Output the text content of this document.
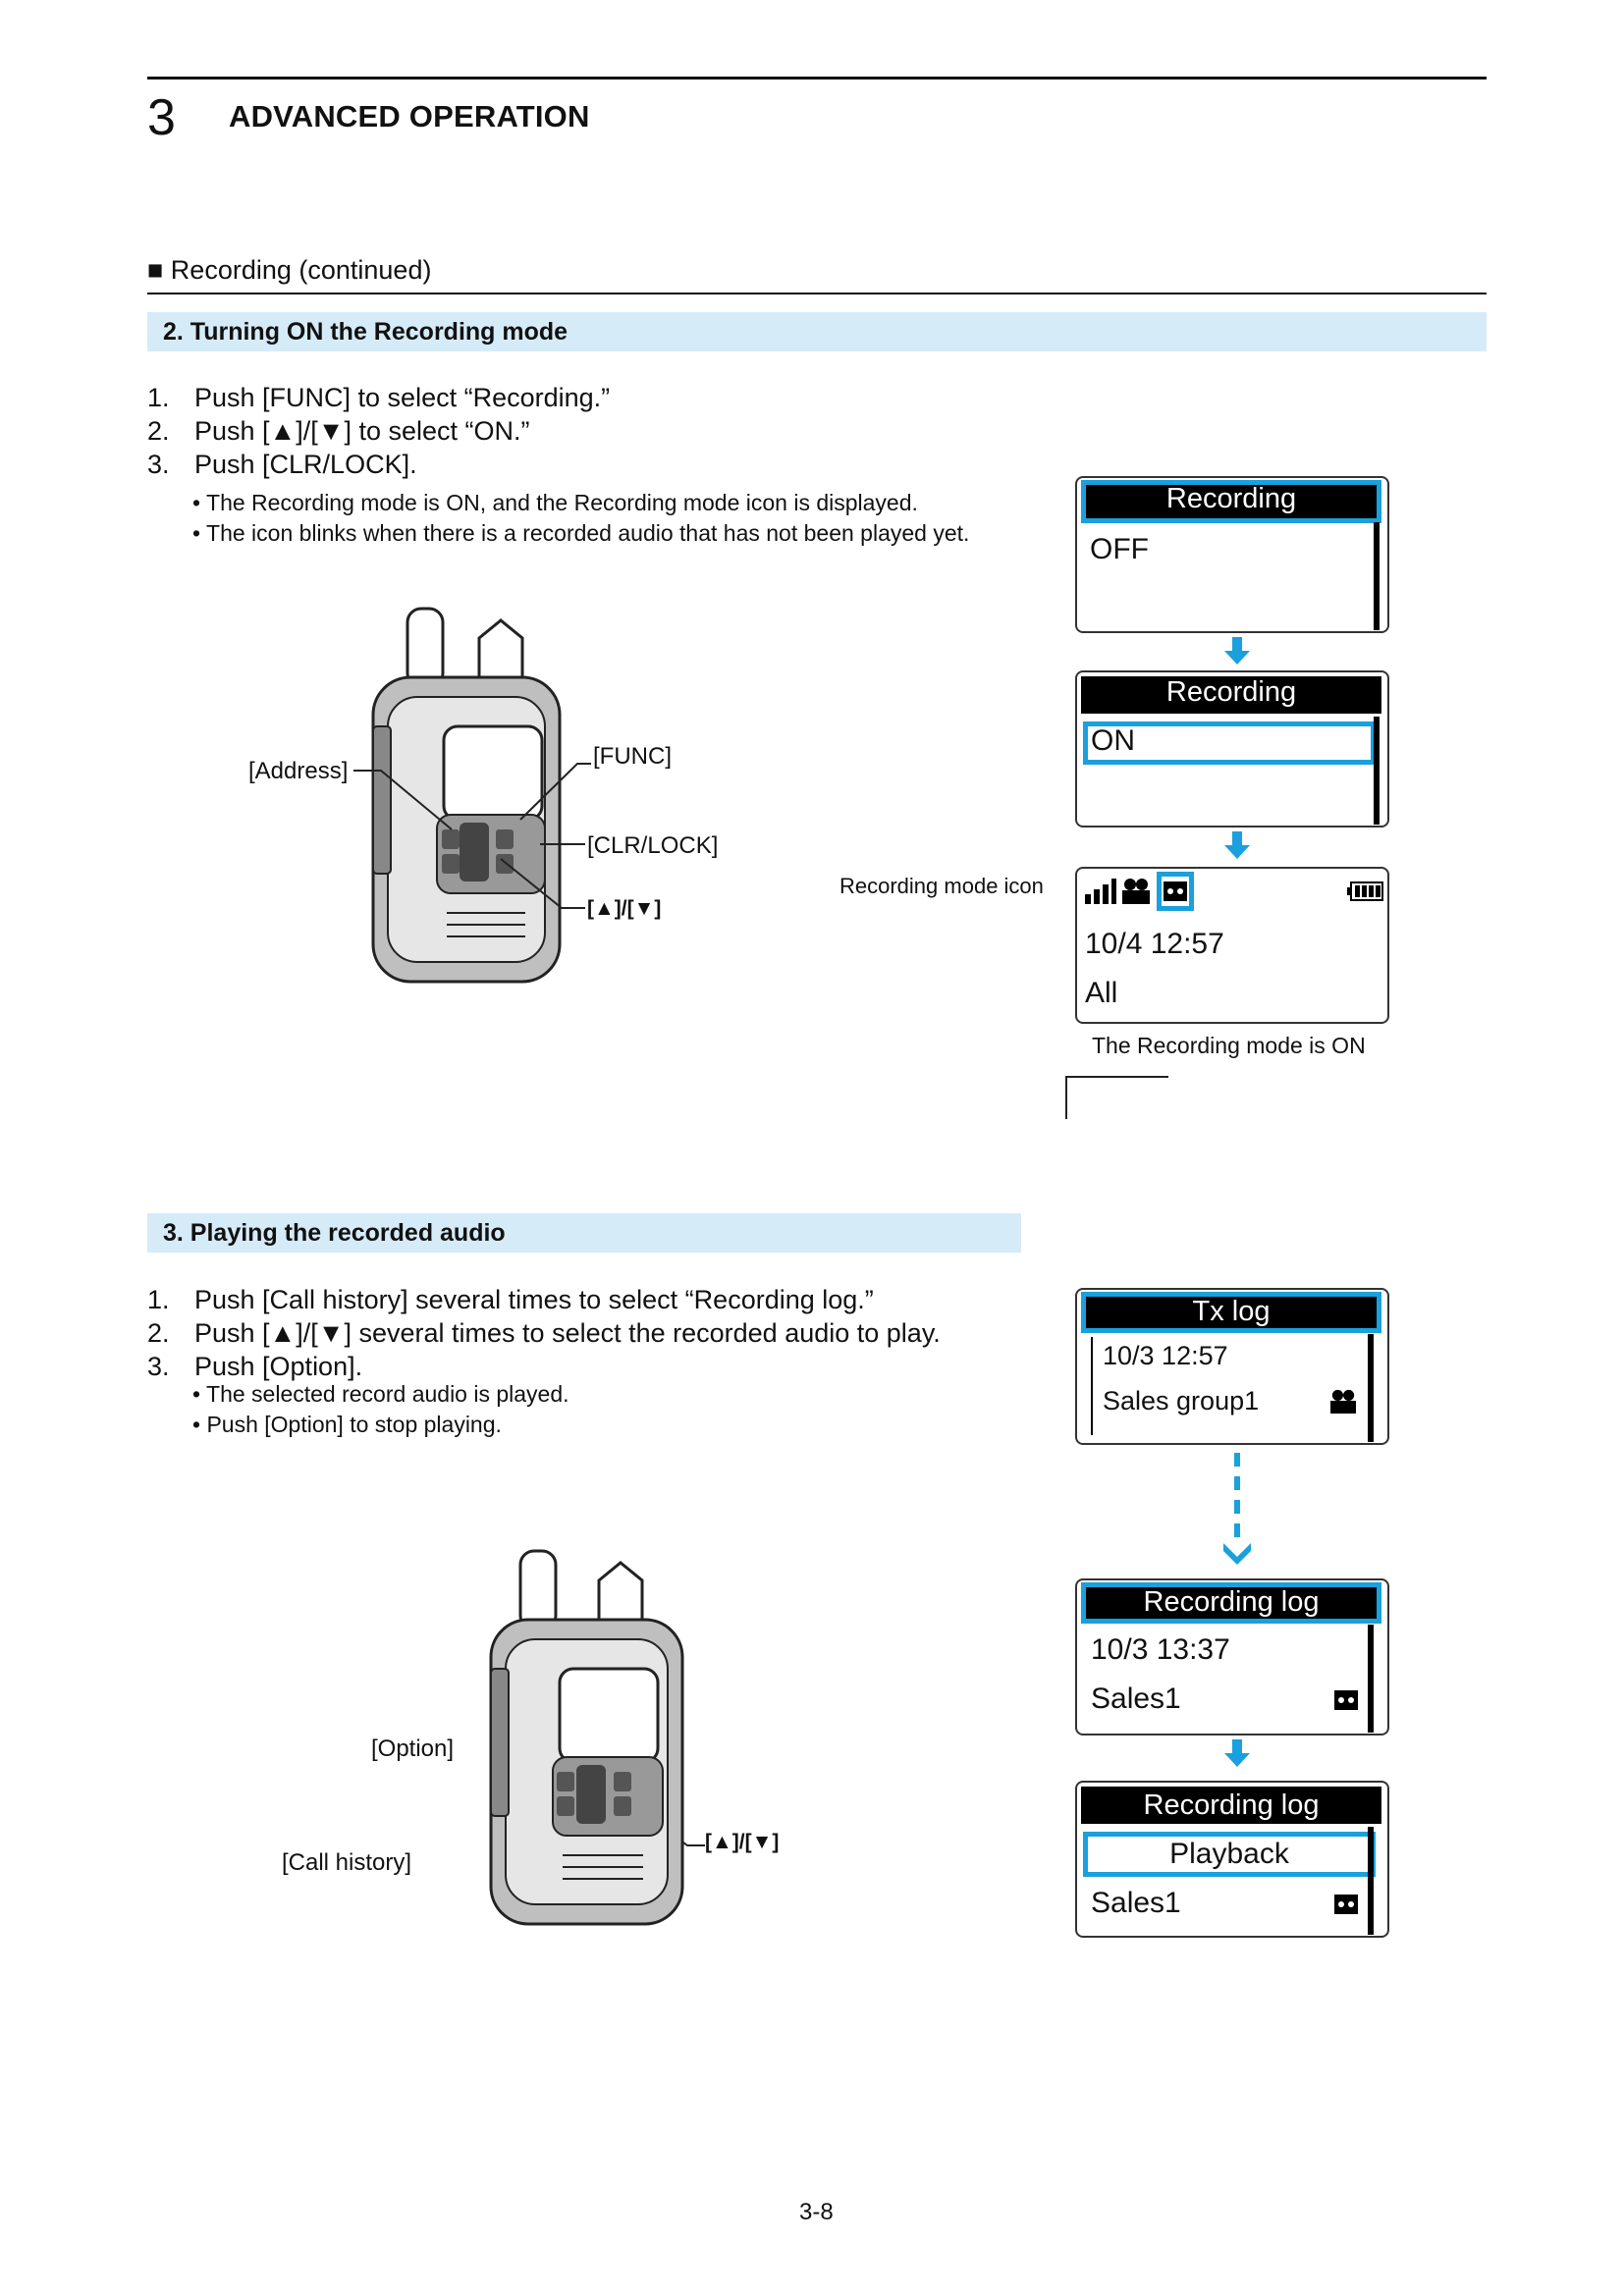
3 ADVANCED OPERATION
■ Recording (continued)
2. Turning ON the Recording mode
1. Push [FUNC] to select “Recording.”
2. Push [▲]/[▼] to select “ON.”
3. Push [CLR/LOCK].
• The Recording mode is ON, and the Recording mode icon is displayed.
• The icon blinks when there is a recorded audio that has not been played yet.
[Address]
[FUNC]
[CLR/LOCK]
[▲]/[▼]
Recording
OFF
Recording
ON
Recording mode icon
10/4 12:57
All
The Recording mode is ON
3. Playing the recorded audio
1. Push [Call history] several times to select “Recording log.”
2. Push [▲]/[▼] several times to select the recorded audio to play.
3. Push [Option].
• The selected record audio is played.
• Push [Option] to stop playing.
[Option]
[Call history]
[▲]/[▼]
Tx log
10/3 12:57
Sales group1
Recording log
10/3 13:37
Sales1
Recording log
Playback
Sales1
3-8
